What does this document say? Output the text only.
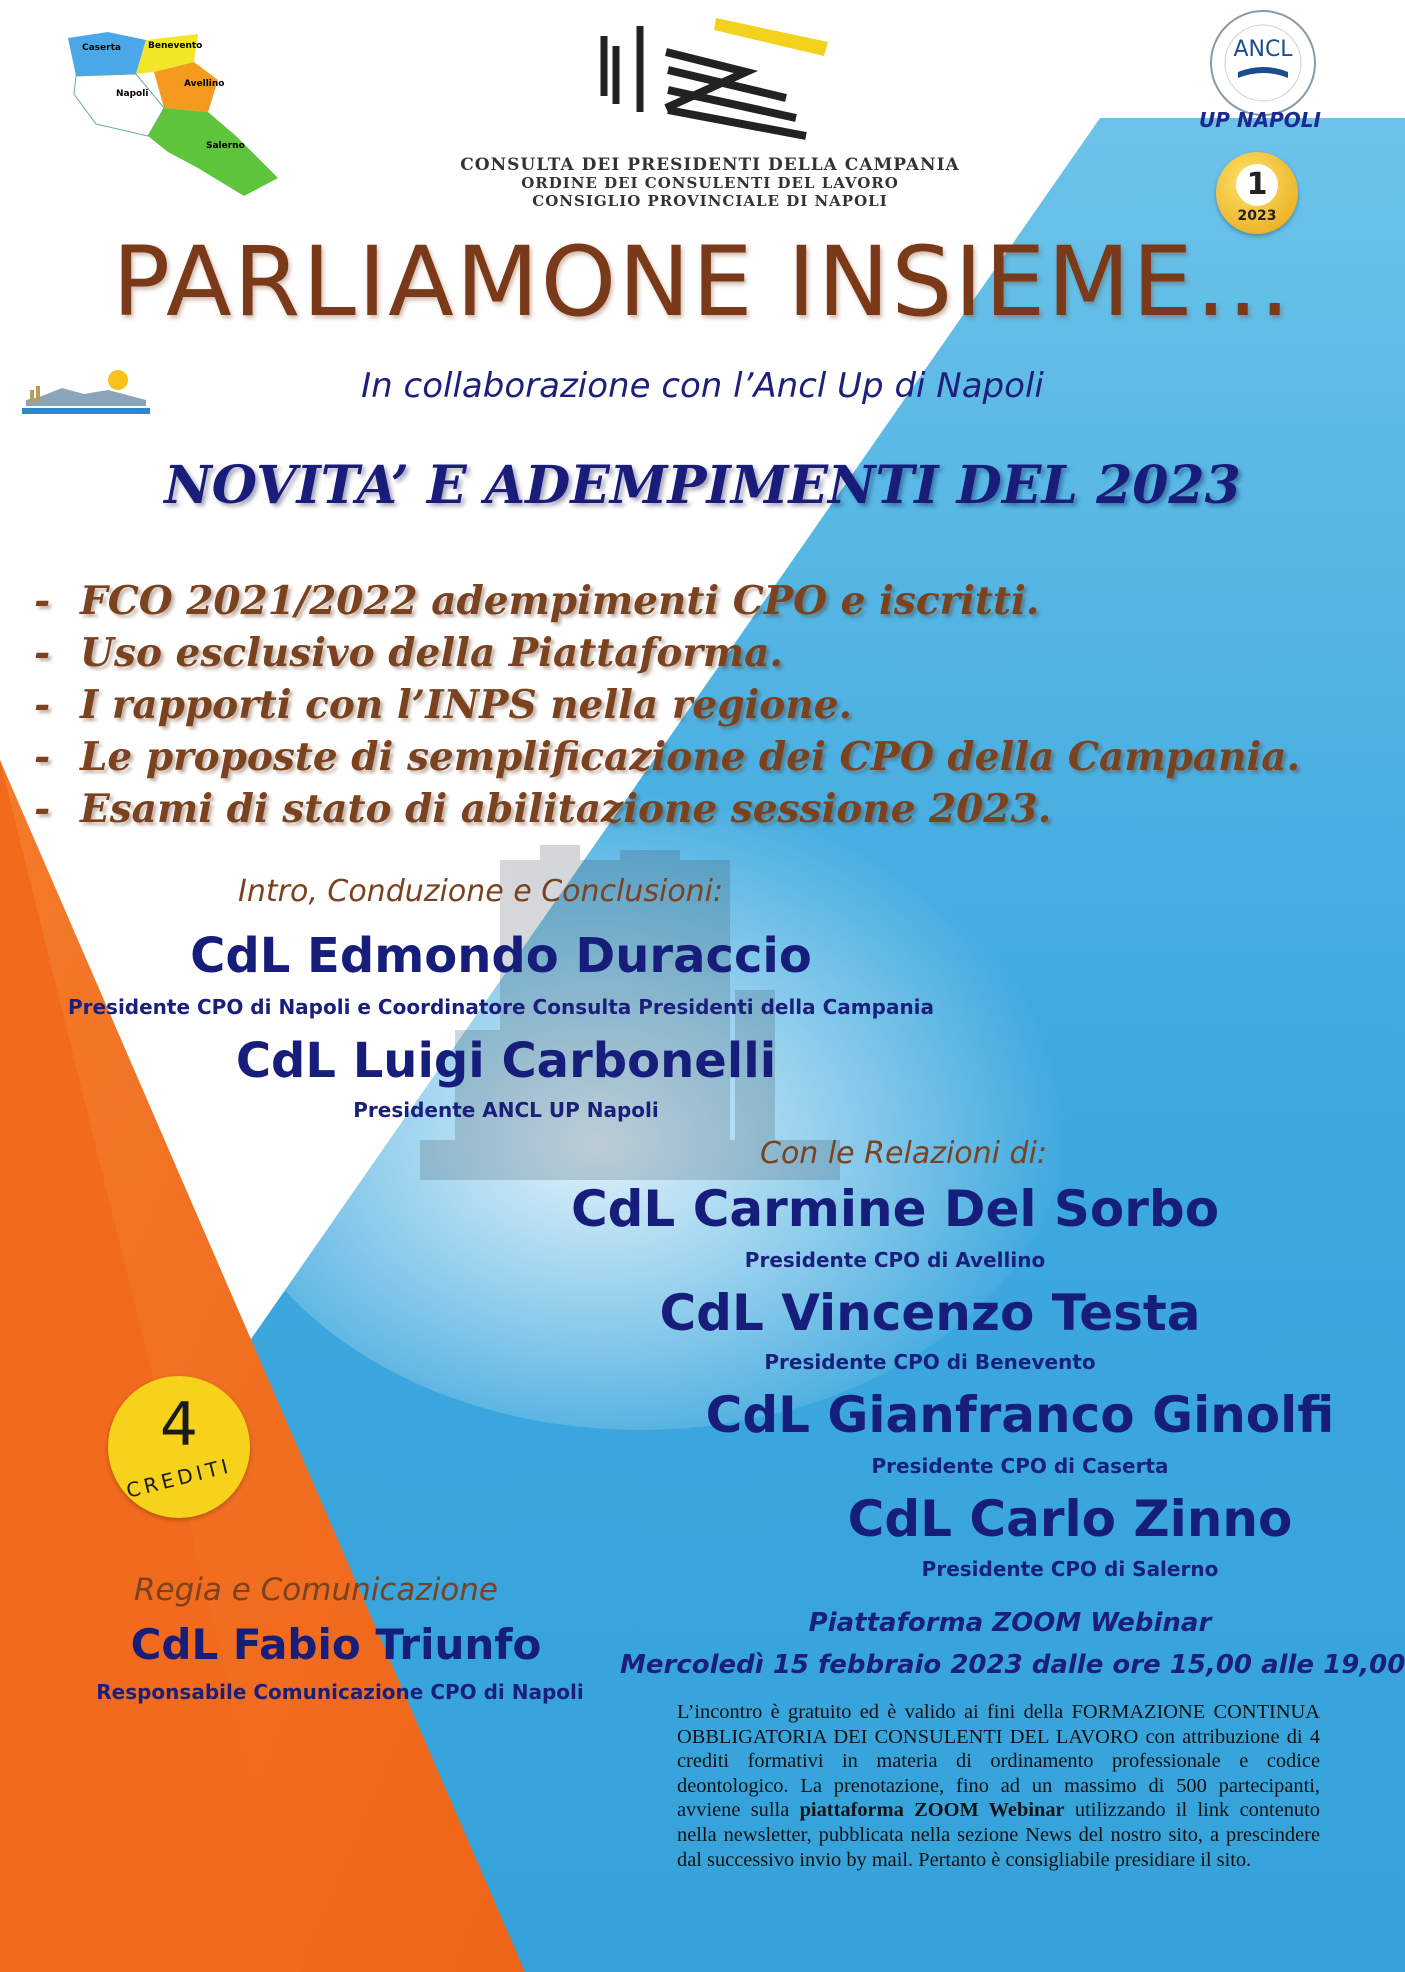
Caserta	Benevento
Avellino
Napoli
Salerno
CONSULTA DEI PRESIDENTI DELLA CAMPANIA
ORDINE DEI CONSULENTI DEL LAVORO
CONSIGLIO PROVINCIALE DI NAPOLI
ANCL
UP NAPOLI
1
2023
PARLIAMONE INSIEME…
In collaborazione con l’Ancl Up di Napoli
NOVITA’ E ADEMPIMENTI DEL 2023
- FCO 2021/2022 adempimenti CPO e iscritti.
- Uso esclusivo della Piattaforma.
- I rapporti con l’INPS nella regione.
- Le proposte di semplificazione dei CPO della Campania.
- Esami di stato di abilitazione sessione 2023.
Intro, Conduzione e Conclusioni:
CdL Edmondo Duraccio
Presidente CPO di Napoli e Coordinatore Consulta Presidenti della Campania
CdL Luigi Carbonelli
Presidente ANCL UP Napoli
Con le Relazioni di:
CdL Carmine Del Sorbo
Presidente CPO di Avellino
CdL Vincenzo Testa
Presidente CPO di Benevento
CdL Gianfranco Ginolfi
Presidente CPO di Caserta
CdL Carlo Zinno
Presidente CPO di Salerno
4
CREDITI
Regia e Comunicazione
CdL Fabio Triunfo
Responsabile Comunicazione CPO di Napoli
Piattaforma ZOOM Webinar
Mercoledì 15 febbraio 2023 dalle ore 15,00 alle 19,00
L’incontro è gratuito ed è valido ai fini della FORMAZIONE CONTINUA OBBLIGATORIA DEI CONSULENTI DEL LAVORO con attribuzione di 4 crediti formativi in materia di ordinamento professionale e codice deontologico. La prenotazione, fino ad un massimo di 500 partecipanti, avviene sulla piattaforma ZOOM Webinar utilizzando il link contenuto nella newsletter, pubblicata nella sezione News del nostro sito, a prescindere dal successivo invio by mail. Pertanto è consigliabile presidiare il sito.
